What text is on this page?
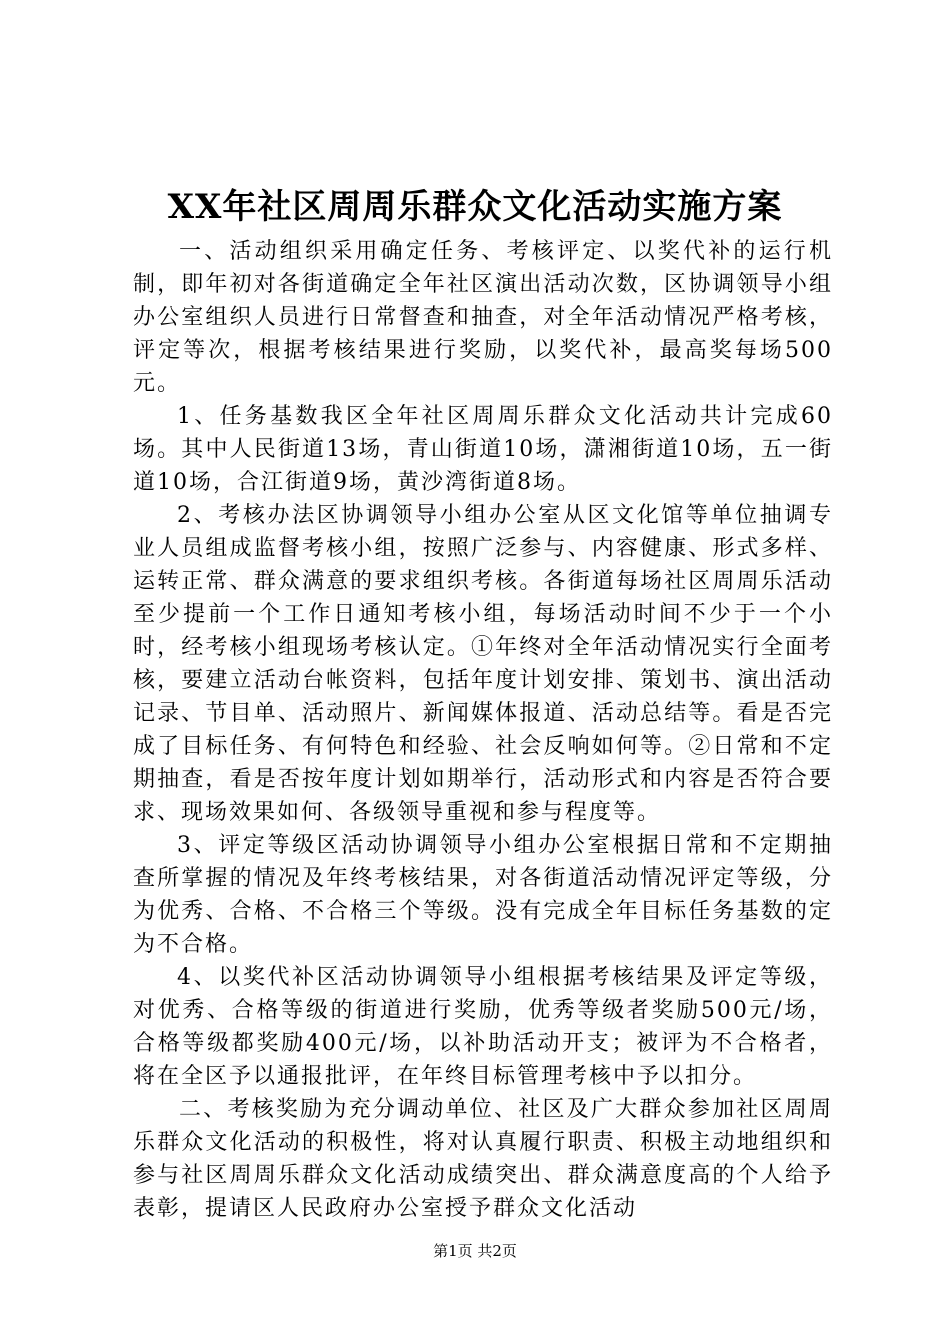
XX年社区周周乐群众文化活动实施方案

一、活动组织采用确定任务、考核评定、以奖代补的运行机制，即年初对各街道确定全年社区演出活动次数，区协调领导小组办公室组织人员进行日常督查和抽查，对全年活动情况严格考核，评定等次，根据考核结果进行奖励，以奖代补，最高奖每场500元。

1、任务基数我区全年社区周周乐群众文化活动共计完成60场。其中人民街道13场，青山街道10场，潇湘街道10场，五一街道10场，合江街道9场，黄沙湾街道8场。

2、考核办法区协调领导小组办公室从区文化馆等单位抽调专业人员组成监督考核小组，按照广泛参与、内容健康、形式多样、运转正常、群众满意的要求组织考核。各街道每场社区周周乐活动至少提前一个工作日通知考核小组，每场活动时间不少于一个小时，经考核小组现场考核认定。①年终对全年活动情况实行全面考核，要建立活动台帐资料，包括年度计划安排、策划书、演出活动记录、节目单、活动照片、新闻媒体报道、活动总结等。看是否完成了目标任务、有何特色和经验、社会反响如何等。②日常和不定期抽查，看是否按年度计划如期举行，活动形式和内容是否符合要求、现场效果如何、各级领导重视和参与程度等。

3、评定等级区活动协调领导小组办公室根据日常和不定期抽查所掌握的情况及年终考核结果，对各街道活动情况评定等级，分为优秀、合格、不合格三个等级。没有完成全年目标任务基数的定为不合格。

4、以奖代补区活动协调领导小组根据考核结果及评定等级，对优秀、合格等级的街道进行奖励，优秀等级者奖励500元/场，合格等级都奖励400元/场，以补助活动开支；被评为不合格者，将在全区予以通报批评，在年终目标管理考核中予以扣分。

二、考核奖励为充分调动单位、社区及广大群众参加社区周周乐群众文化活动的积极性，将对认真履行职责、积极主动地组织和参与社区周周乐群众文化活动成绩突出、群众满意度高的个人给予表彰，提请区人民政府办公室授予群众文化活动

第1页 共2页
